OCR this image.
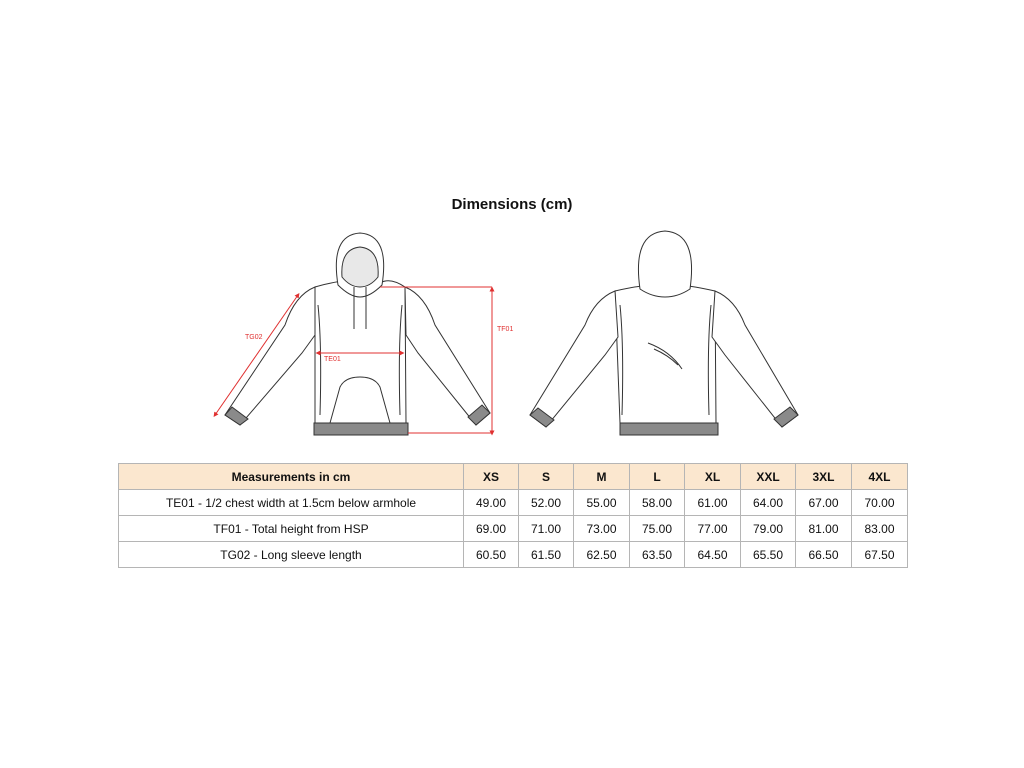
Dimensions (cm)
TG02
TE01
TF01
Measurements in cm	XS	S	M	L	XL	XXL	3XL	4XL
TE01 - 1/2 chest width at 1.5cm below armhole	49.00	52.00	55.00	58.00	61.00	64.00	67.00	70.00
TF01 - Total height from HSP	69.00	71.00	73.00	75.00	77.00	79.00	81.00	83.00
TG02 - Long sleeve length	60.50	61.50	62.50	63.50	64.50	65.50	66.50	67.50
